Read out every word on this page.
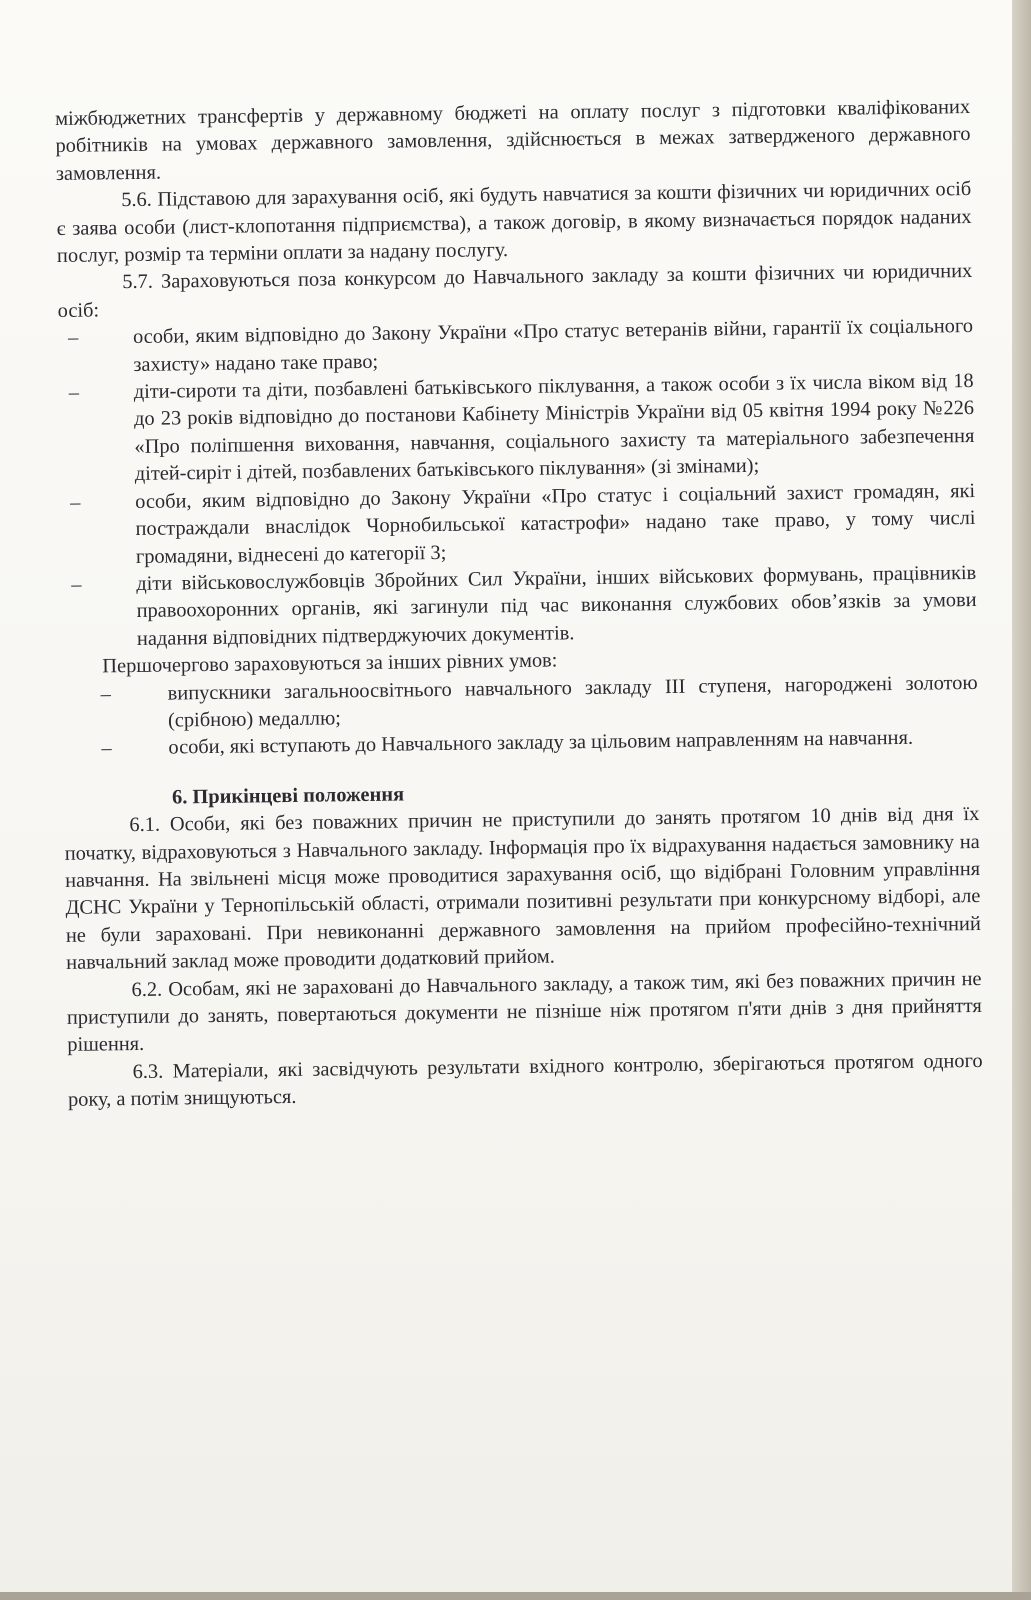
міжбюджетних трансфертів у державному бюджеті на оплату послуг з підготовки кваліфікованих робітників на умовах державного замовлення, здійснюється в межах затвердженого державного замовлення.

5.6. Підставою для зарахування осіб, які будуть навчатися за кошти фізичних чи юридичних осіб є заява особи (лист-клопотання підприємства), а також договір, в якому визначається порядок наданих послуг, розмір та терміни оплати за надану послугу.

5.7. Зараховуються поза конкурсом до Навчального закладу за кошти фізичних чи юридичних осіб:

–	особи, яким відповідно до Закону України «Про статус ветеранів війни, гарантії їх соціального захисту» надано таке право;
–	діти-сироти та діти, позбавлені батьківського піклування, а також особи з їх числа віком від 18 до 23 років відповідно до постанови Кабінету Міністрів України від 05 квітня 1994 року №226 «Про поліпшення виховання, навчання, соціального захисту та матеріального забезпечення дітей-сиріт і дітей, позбавлених батьківського піклування» (зі змінами);
–	особи, яким відповідно до Закону України «Про статус і соціальний захист громадян, які постраждали внаслідок Чорнобильської катастрофи» надано таке право, у тому числі громадяни, віднесені до категорії 3;
–	діти військовослужбовців Збройних Сил України, інших військових формувань, працівників правоохоронних органів, які загинули під час виконання службових обов’язків за умови надання відповідних підтверджуючих документів.

Першочергово зараховуються за інших рівних умов:

–	випускники загальноосвітнього навчального закладу III ступеня, нагороджені золотою (срібною) медаллю;
–	особи, які вступають до Навчального закладу за цільовим направленням на навчання.

6. Прикінцеві положення

6.1. Особи, які без поважних причин не приступили до занять протягом 10 днів від дня їх початку, відраховуються з Навчального закладу. Інформація про їх відрахування надається замовнику на навчання. На звільнені місця може проводитися зарахування осіб, що відібрані Головним управління ДСНС України у Тернопільській області, отримали позитивні результати при конкурсному відборі, але не були зараховані. При невиконанні державного замовлення на прийом професійно-технічний навчальний заклад може проводити додатковий прийом.

6.2. Особам, які не зараховані до Навчального закладу, а також тим, які без поважних причин не приступили до занять, повертаються документи не пізніше ніж протягом п'яти днів з дня прийняття рішення.

6.3. Матеріали, які засвідчують результати вхідного контролю, зберігаються протягом одного року, а потім знищуються.
